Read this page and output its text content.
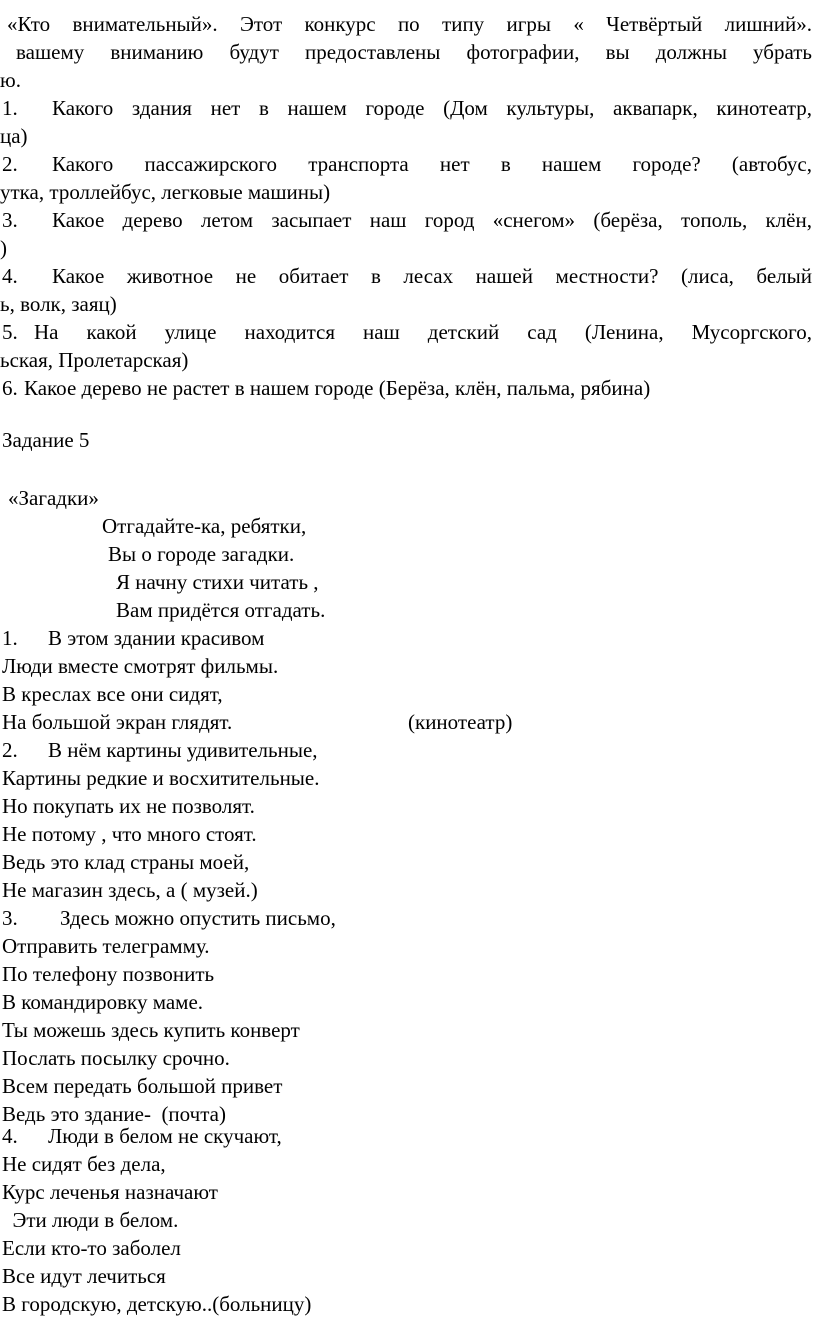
«Кто внимательный». Этот конкурс по типу игры « Четвёртый лишний».
вашему вниманию будут предоставлены фотографии, вы должны убрать
ю.
1. Какого здания нет в нашем городе (Дом культуры, аквапарк, кинотеатр,
ца)
2. Какого пассажирского транспорта нет в нашем городе? (автобус,
утка, троллейбус, легковые машины)
3. Какое дерево летом засыпает наш город «снегом» (берёза, тополь, клён,
)
4. Какое животное не обитает в лесах нашей местности? (лиса, белый
ь, волк, заяц)
5. На какой улице находится наш детский сад (Ленина, Мусоргского,
ьская, Пролетарская)
6. Какое дерево не растет в нашем городе (Берёза, клён, пальма, рябина)
Задание 5
«Загадки»
Отгадайте-ка, ребятки,
Вы о городе загадки.
Я начну стихи читать ,
Вам придётся отгадать.
1. В этом здании красивом
Люди вместе смотрят фильмы.
В креслах все они сидят,
На большой экран глядят.	(кинотеатр)
2. В нём картины удивительные,
Картины редкие и восхитительные.
Но покупать их не позволят.
Не потому , что много стоят.
Ведь это клад страны моей,
Не магазин здесь, а ( музей.)
3. Здесь можно опустить письмо,
Отправить телеграмму.
По телефону позвонить
В командировку маме.
Ты можешь здесь купить конверт
Послать посылку срочно.
Всем передать большой привет
Ведь это здание-  (почта)
4. Люди в белом не скучают,
Не сидят без дела,
Курс леченья назначают
Эти люди в белом.
Если кто-то заболел
Все идут лечиться
В городскую, детскую..(больницу)
